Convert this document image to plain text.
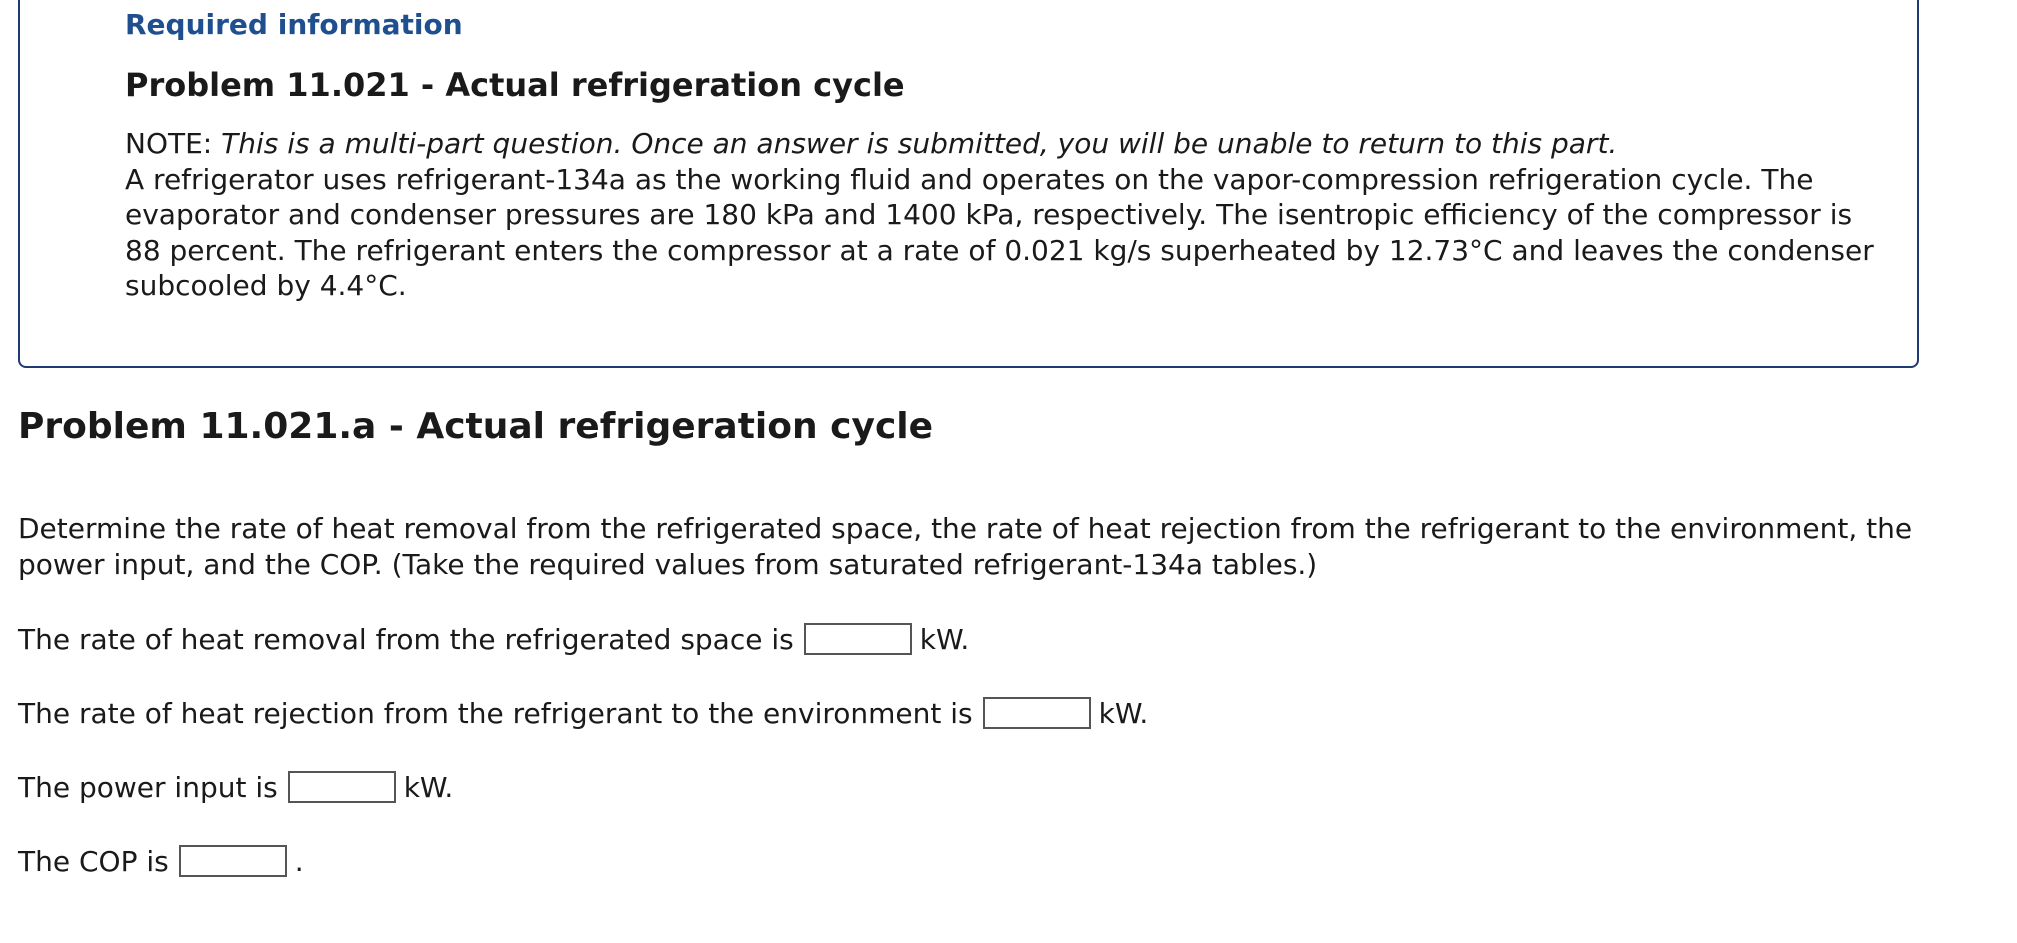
Required information
Problem 11.021 - Actual refrigeration cycle
NOTE: This is a multi-part question. Once an answer is submitted, you will be unable to return to this part.
A refrigerator uses refrigerant-134a as the working fluid and operates on the vapor-compression refrigeration cycle. The evaporator and condenser pressures are 180 kPa and 1400 kPa, respectively. The isentropic efficiency of the compressor is 88 percent. The refrigerant enters the compressor at a rate of 0.021 kg/s superheated by 12.73°C and leaves the condenser subcooled by 4.4°C.
Problem 11.021.a - Actual refrigeration cycle
Determine the rate of heat removal from the refrigerated space, the rate of heat rejection from the refrigerant to the environment, the power input, and the COP. (Take the required values from saturated refrigerant-134a tables.)
The rate of heat removal from the refrigerated space is	kW.
The rate of heat rejection from the refrigerant to the environment is	kW.
The power input is	kW.
The COP is	.
